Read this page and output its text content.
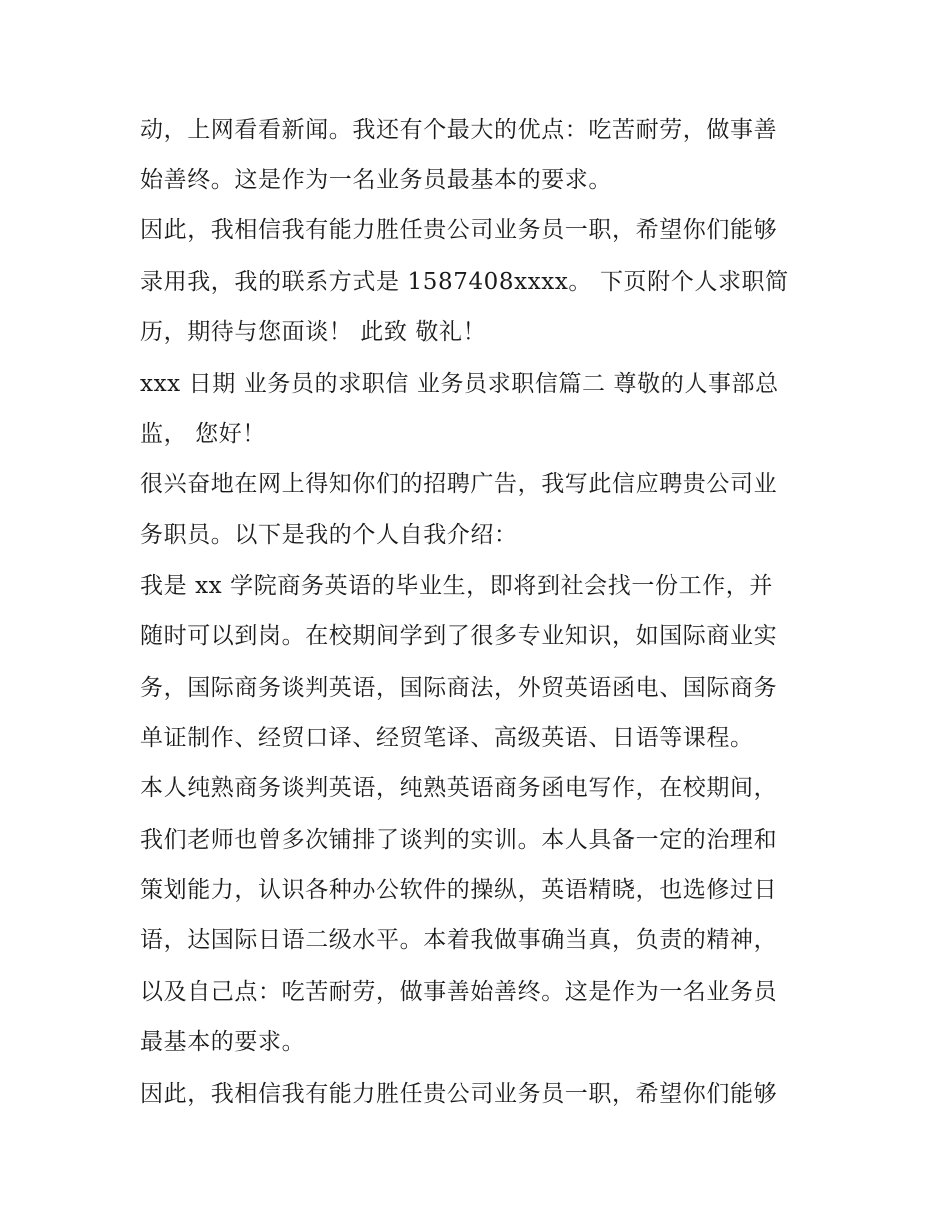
动，上网看看新闻。我还有个最大的优点：吃苦耐劳，做事善
始善终。这是作为一名业务员最基本的要求。
因此，我相信我有能力胜任贵公司业务员一职，希望你们能够
录用我，我的联系方式是 1587408xxxx。 下页附个人求职简
历，期待与您面谈！ 此致 敬礼！
xxx 日期 业务员的求职信 业务员求职信篇二 尊敬的人事部总
监， 您好！
很兴奋地在网上得知你们的招聘广告，我写此信应聘贵公司业
务职员。以下是我的个人自我介绍：
我是 xx 学院商务英语的毕业生，即将到社会找一份工作，并
随时可以到岗。在校期间学到了很多专业知识，如国际商业实
务，国际商务谈判英语，国际商法，外贸英语函电、国际商务
单证制作、经贸口译、经贸笔译、高级英语、日语等课程。
本人纯熟商务谈判英语，纯熟英语商务函电写作，在校期间，
我们老师也曾多次铺排了谈判的实训。本人具备一定的治理和
策划能力，认识各种办公软件的操纵，英语精晓，也选修过日
语，达国际日语二级水平。本着我做事确当真，负责的精神，
以及自己点：吃苦耐劳，做事善始善终。这是作为一名业务员
最基本的要求。
因此，我相信我有能力胜任贵公司业务员一职，希望你们能够
